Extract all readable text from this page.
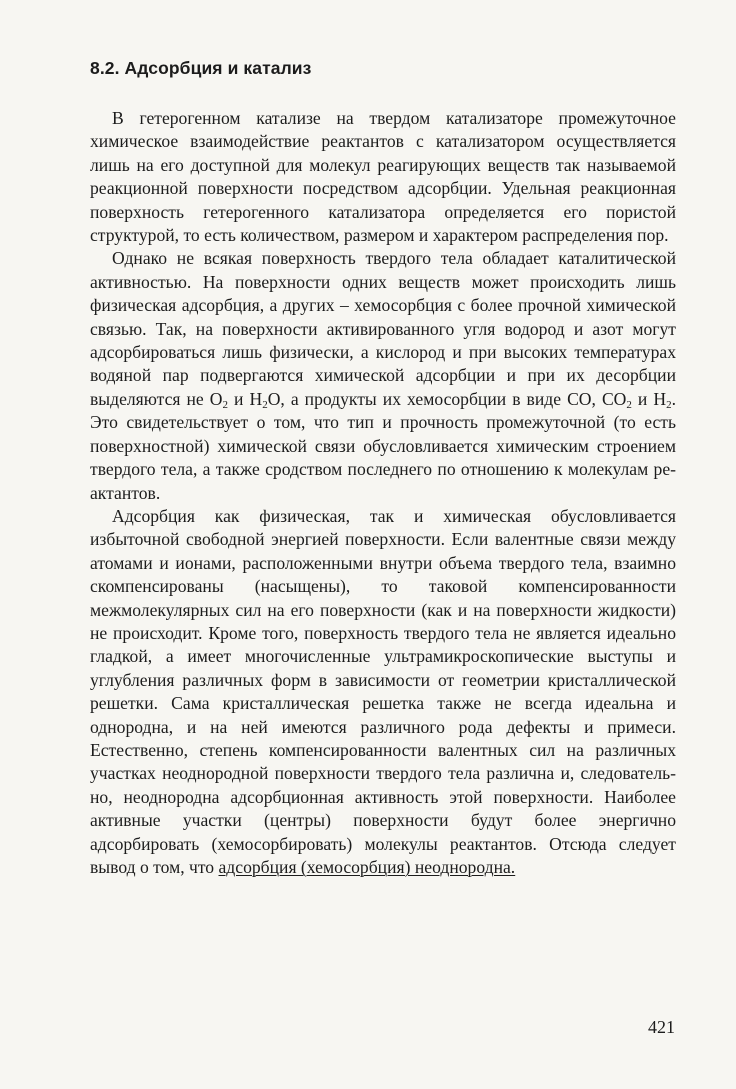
8.2. Адсорбция и катализ

В гетерогенном катализе на твердом катализаторе промежуточное химическое взаимодействие реактантов с катализатором осуществляется лишь на его доступной для молекул реагирующих веществ так называемой реакционной поверхности посредством адсорбции. Удельная реакционная поверхность гетерогенного катализатора определяется его пористой структурой, то есть количеством, размером и характером распределения пор.

Однако не всякая поверхность твердого тела обладает каталитической активностью. На поверхности одних веществ может происходить лишь физическая адсорбция, а других – хемосорбция с более прочной химической связью. Так, на поверхности активированного угля водород и азот могут адсорбироваться лишь физически, а кислород и при высоких температурах водяной пар подвергаются химической адсорбции и при их десорбции выделяются не $O_2$ и $H_2O$, а продукты их хемосорбции в виде CO, $CO_2$ и $H_2$. Это свидетельствует о том, что тип и прочность промежуточной (то есть поверхностной) химической связи обусловливается химическим строением твердого тела, а также сродством последнего по отношению к молекулам реактантов.

Адсорбция как физическая, так и химическая обусловливается избыточной свободной энергией поверхности. Если валентные связи между атомами и ионами, расположенными внутри объема твердого тела, взаимно скомпенсированы (насыщены), то таковой компенсированности межмолекулярных сил на его поверхности (как и на поверхности жидкости) не происходит. Кроме того, поверхность твердого тела не является идеально гладкой, а имеет многочисленные ультрамикроскопические выступы и углубления различных форм в зависимости от геометрии кристаллической решетки. Сама кристаллическая решетка также не всегда идеальна и однородна, и на ней имеются различного рода дефекты и примеси. Естественно, степень компенсированности валентных сил на различных участках неоднородной поверхности твердого тела различна и, следовательно, неоднородна адсорбционная активность этой поверхности. Наиболее активные участки (центры) поверхности будут более энергично адсорбировать (хемосорбировать) молекулы реактантов. Отсюда следует вывод о том, что адсорбция (хемосорбция) неоднородна.

421
